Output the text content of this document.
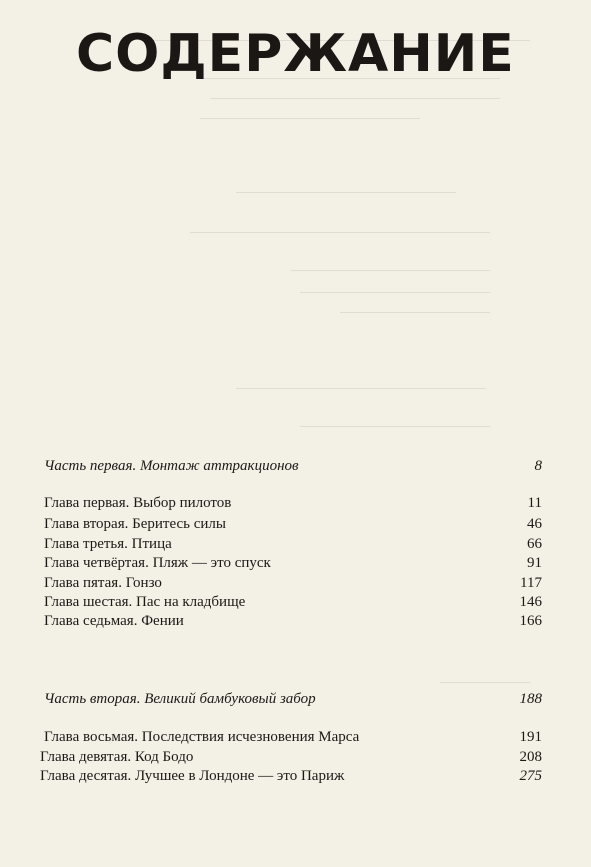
СОДЕРЖАНИЕ
Часть первая. Монтаж аттракционов	8
Глава первая. Выбор пилотов	11
Глава вторая. Беритесь силы	46
Глава третья. Птица	66
Глава четвёртая. Пляж — это спуск	91
Глава пятая. Гонзо	117
Глава шестая. Пас на кладбище	146
Глава седьмая. Фении	166
Часть вторая. Великий бамбуковый забор	188
Глава восьмая. Последствия исчезновения Марса	191
Глава девятая. Код Бодо	208
Глава десятая. Лучшее в Лондоне — это Париж	275
